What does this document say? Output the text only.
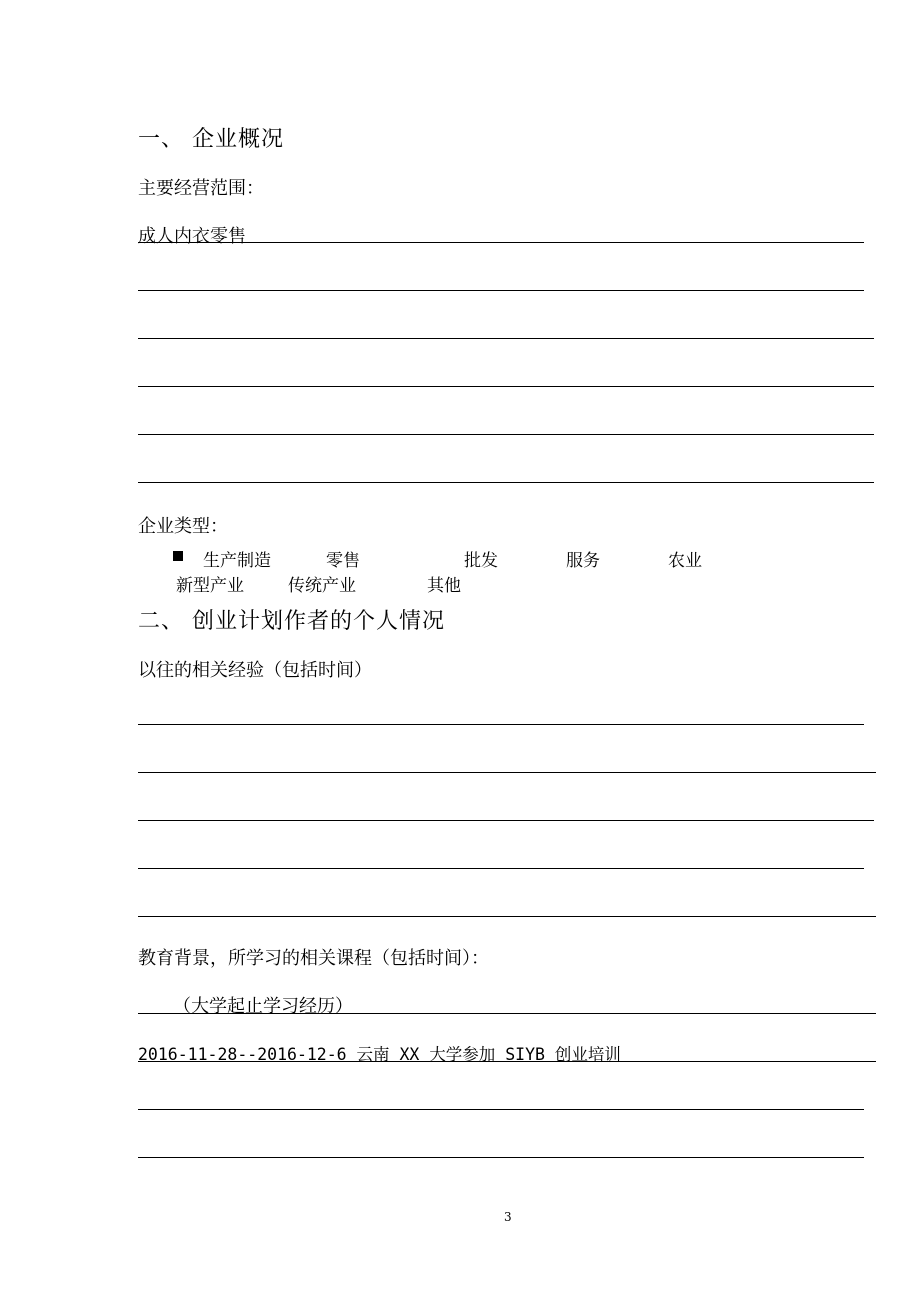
一、 企业概况
主要经营范围：
成人内衣零售
企业类型：
生产制造	零售	批发	服务	农业
新型产业	传统产业	其他
二、 创业计划作者的个人情况
以往的相关经验（包括时间）
教育背景，所学习的相关课程（包括时间）：
（大学起止学习经历）
2016-11-28--2016-12-6 云南 XX 大学参加 SIYB 创业培训
3
